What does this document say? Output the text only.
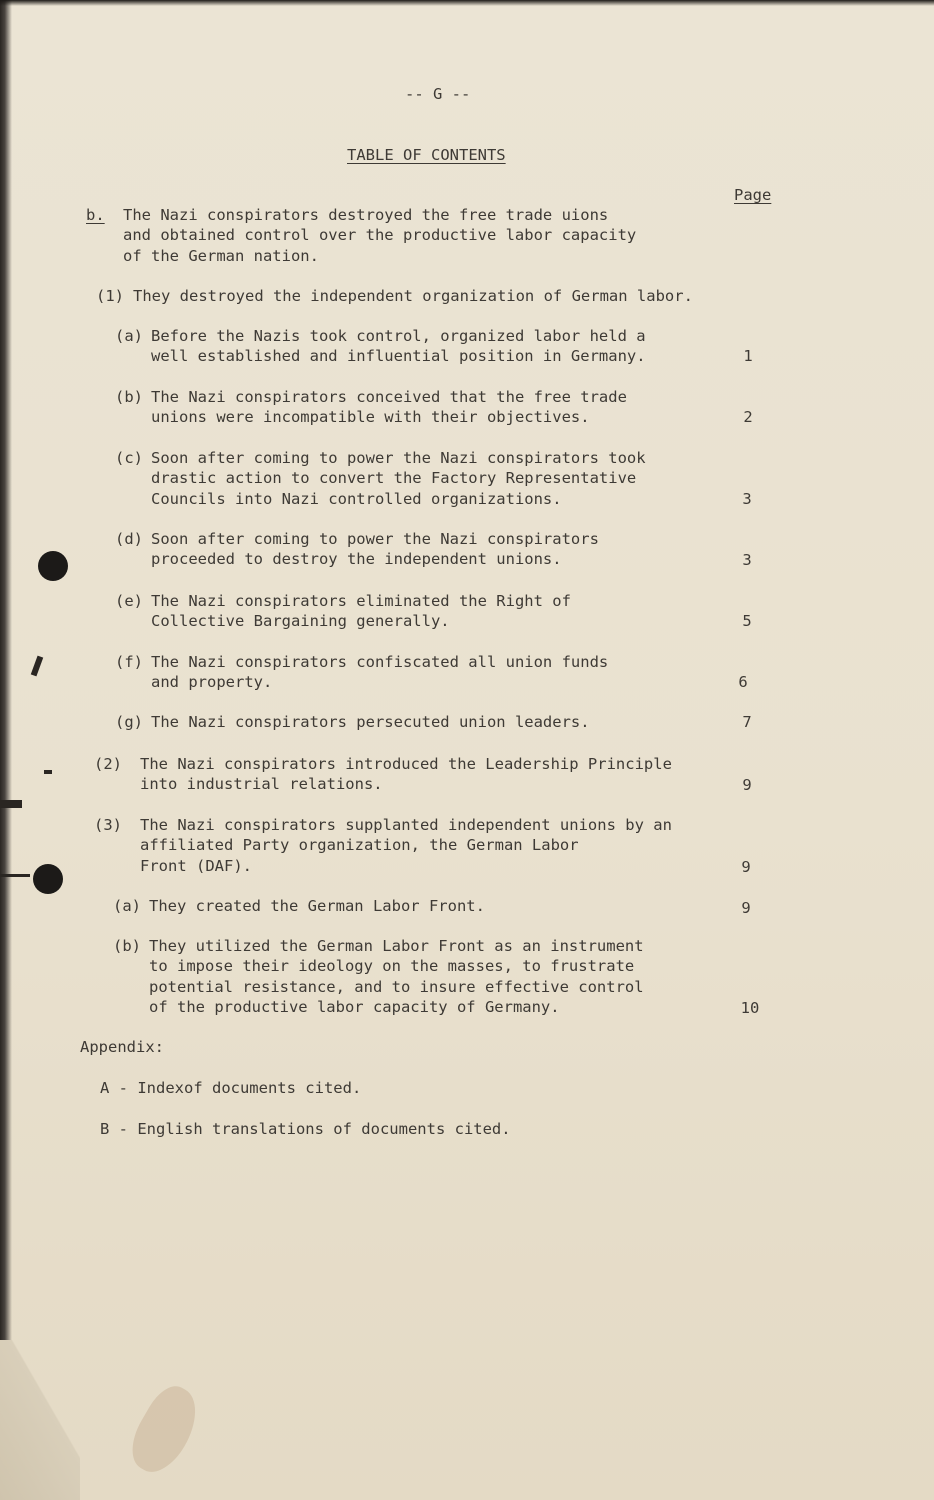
-- G --
TABLE OF CONTENTS
Page
b. The Nazi conspirators destroyed the free trade uions
and obtained control over the productive labor capacity
of the German nation.
(1) They destroyed the independent organization of German labor.
(a) Before the Nazis took control, organized labor held a
well established and influential position in Germany.	1
(b) The Nazi conspirators conceived that the free trade
unions were incompatible with their objectives.	2
(c) Soon after coming to power the Nazi conspirators took
drastic action to convert the Factory Representative
Councils into Nazi controlled organizations.	3
(d) Soon after coming to power the Nazi conspirators
proceeded to destroy the independent unions.	3
(e) The Nazi conspirators eliminated the Right of
Collective Bargaining generally.	5
(f) The Nazi conspirators confiscated all union funds
and property.	6
(g) The Nazi conspirators persecuted union leaders.	7
(2) The Nazi conspirators introduced the Leadership Principle
into industrial relations.	9
(3) The Nazi conspirators supplanted independent unions by an
affiliated Party organization, the German Labor
Front (DAF).	9
(a) They created the German Labor Front.	9
(b) They utilized the German Labor Front as an instrument
to impose their ideology on the masses, to frustrate
potential resistance, and to insure effective control
of the productive labor capacity of Germany.	10
Appendix:
A - Indexof documents cited.
B - English translations of documents cited.
